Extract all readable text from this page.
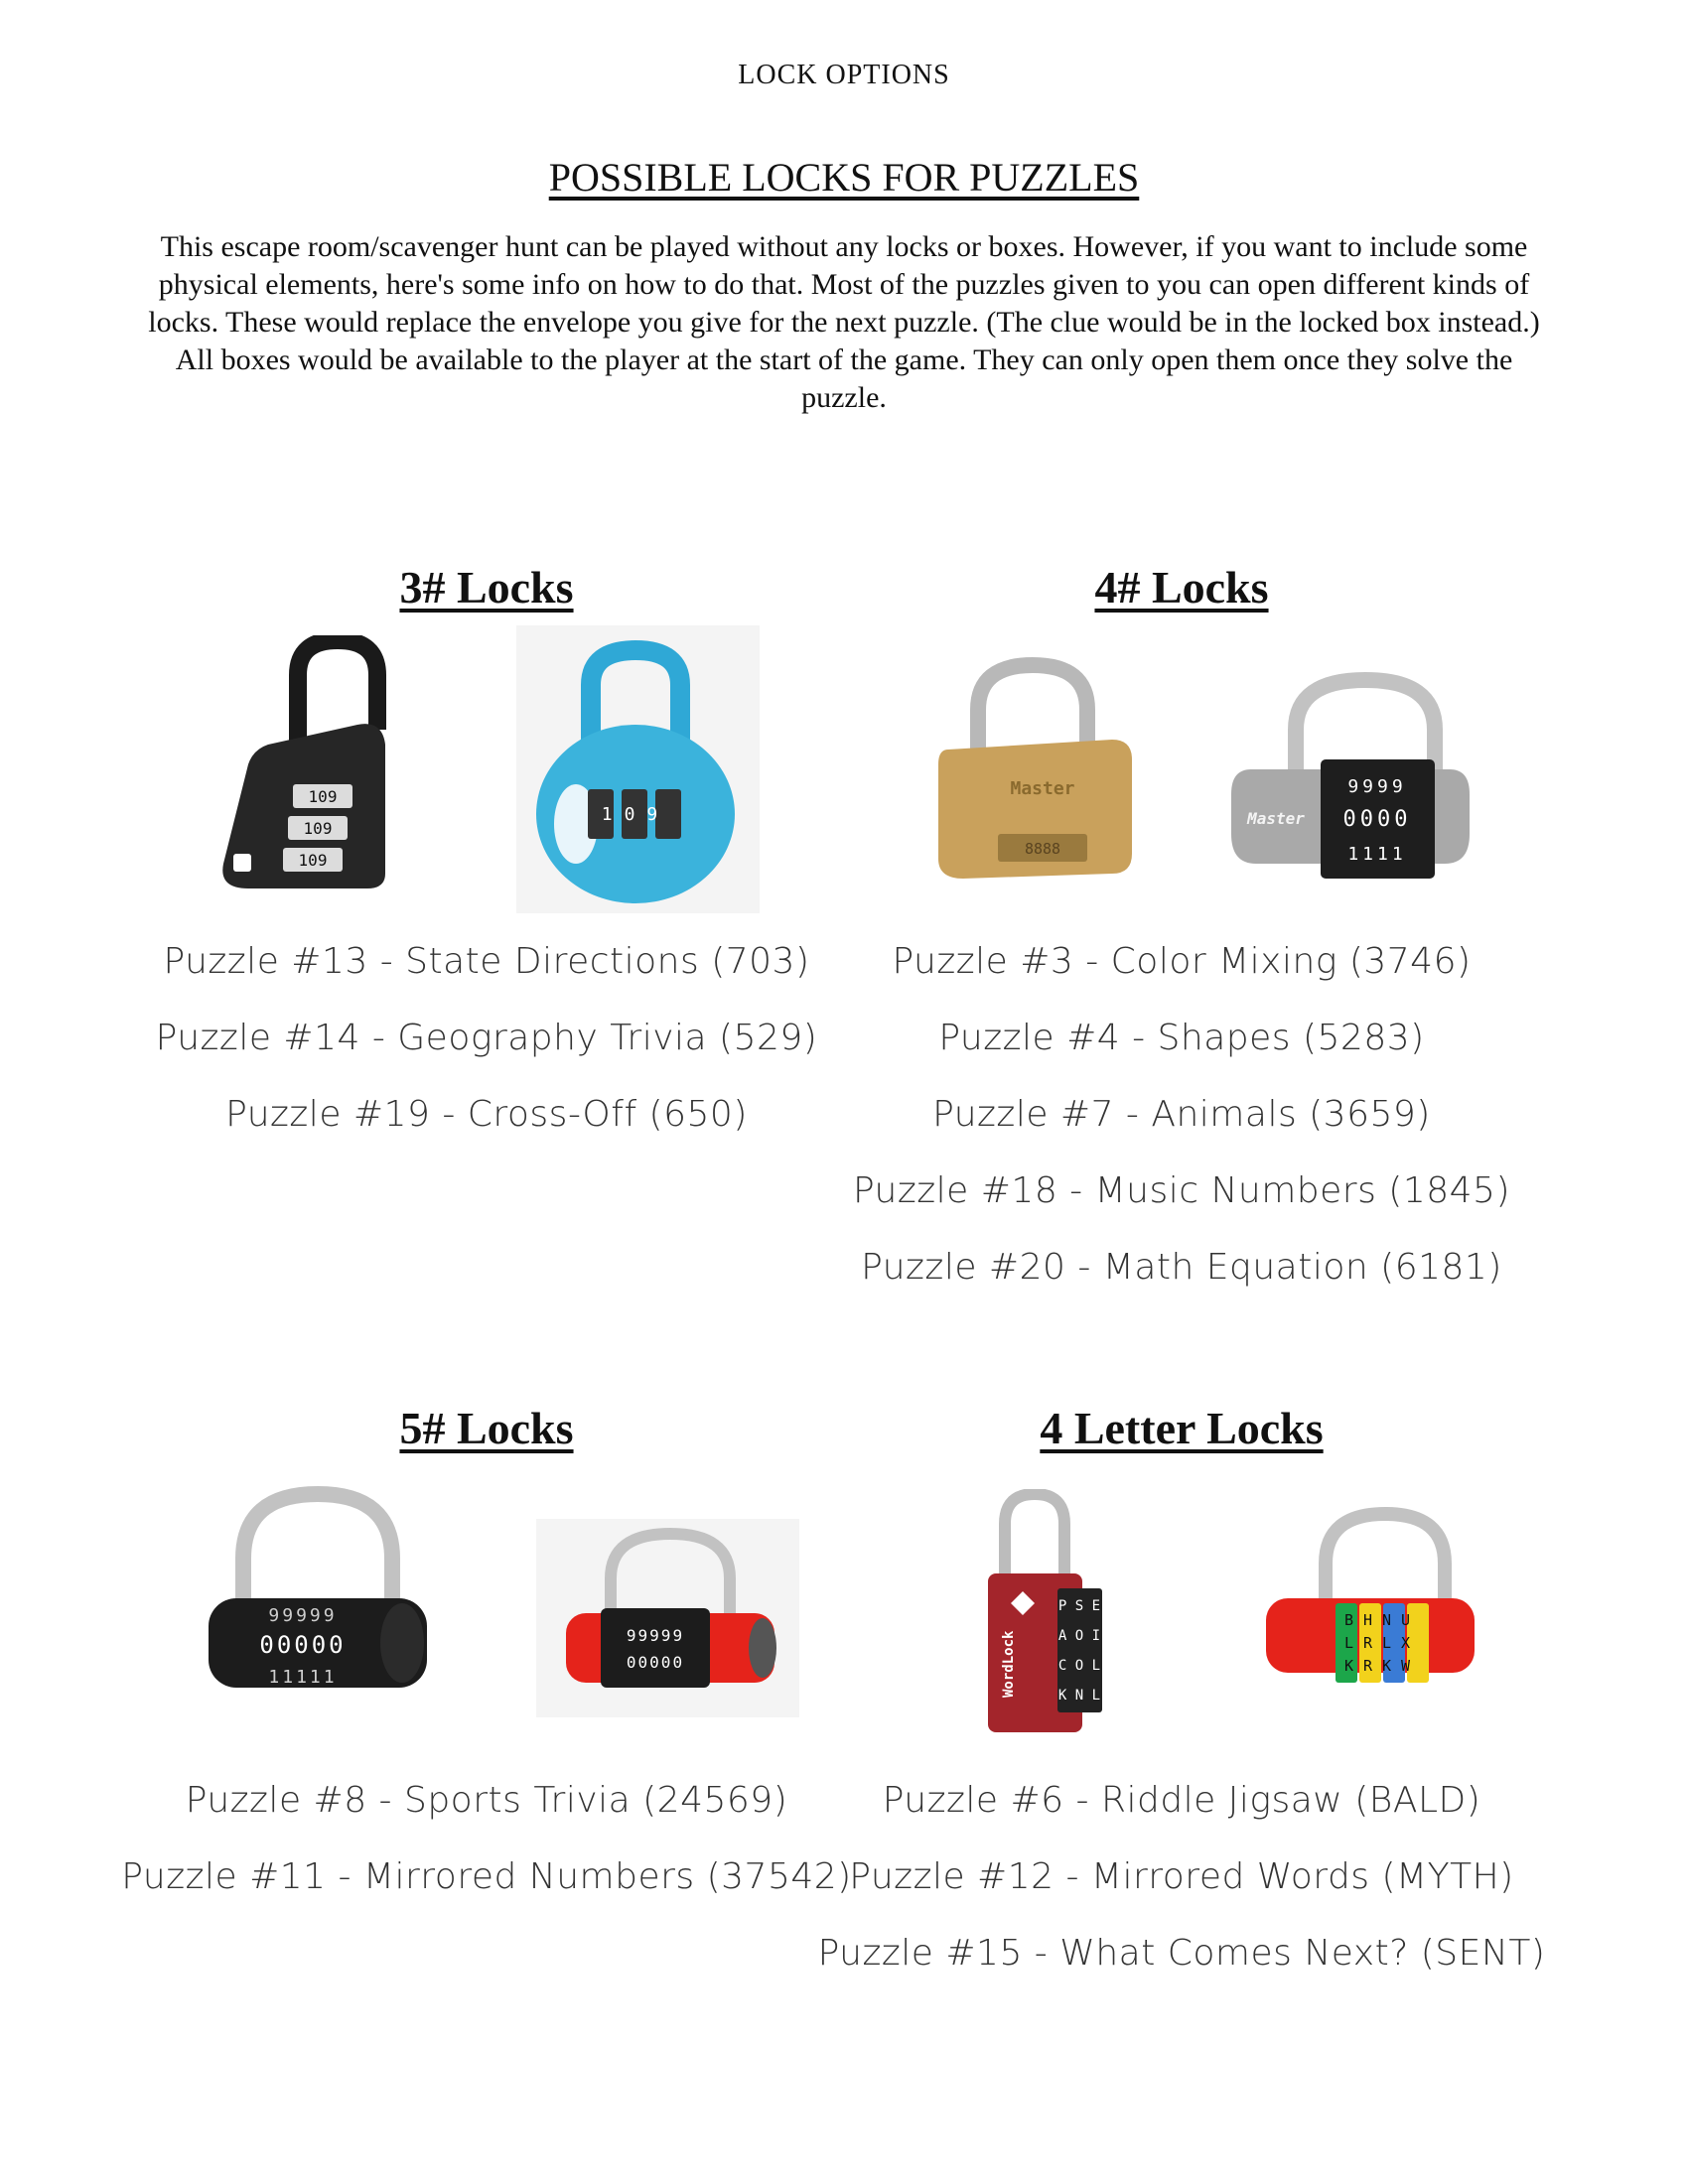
LOCK OPTIONS
POSSIBLE LOCKS FOR PUZZLES
This escape room/scavenger hunt can be played without any locks or boxes. However, if you want to include some physical elements, here's some info on how to do that. Most of the puzzles given to you can open different kinds of locks. These would replace the envelope you give for the next puzzle. (The clue would be in the locked box instead.) All boxes would be available to the player at the start of the game. They can only open them once they solve the puzzle.
3# Locks
109
109
109
109
Puzzle #13 - State Directions (703)
Puzzle #14 - Geography Trivia (529)
Puzzle #19 - Cross-Off (650)
4# Locks
Master
8888
9999
0000
1111
Master
Puzzle #3 - Color Mixing (3746)
Puzzle #4 - Shapes (5283)
Puzzle #7 - Animals (3659)
Puzzle #18 - Music Numbers (1845)
Puzzle #20 - Math Equation (6181)
5# Locks
99999
00000
11111
99999
00000
Puzzle #8 - Sports Trivia (24569)
Puzzle #11 - Mirrored Numbers (37542)
4 Letter Locks
P S E
A O I
C O L
K N L
WordLock
BHNU
LRLX
KRKW
Puzzle #6 - Riddle Jigsaw (BALD)
Puzzle #12 - Mirrored Words (MYTH)
Puzzle #15 - What Comes Next? (SENT)
